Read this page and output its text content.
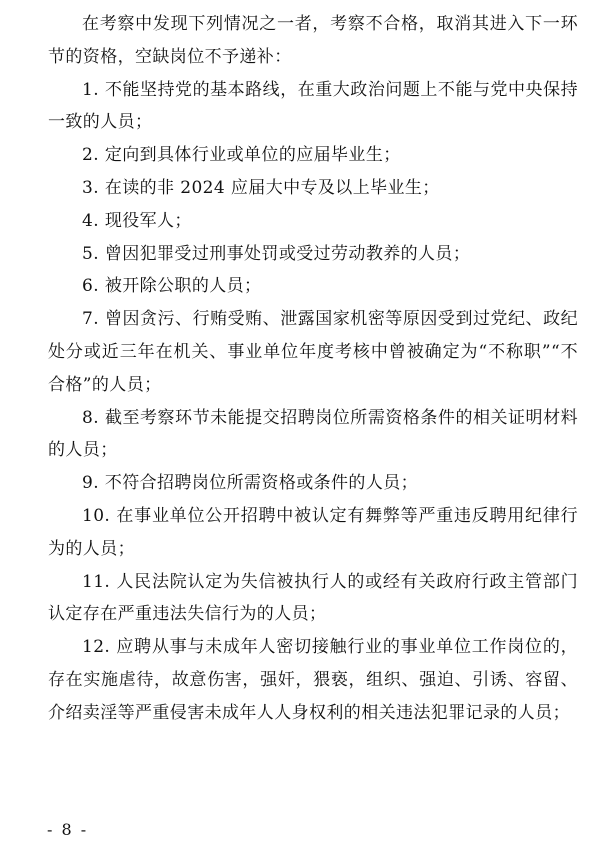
在考察中发现下列情况之一者，考察不合格，取消其进入下一环节的资格，空缺岗位不予递补：

1. 不能坚持党的基本路线，在重大政治问题上不能与党中央保持一致的人员；

2. 定向到具体行业或单位的应届毕业生；

3. 在读的非 2024 应届大中专及以上毕业生；

4. 现役军人；

5. 曾因犯罪受过刑事处罚或受过劳动教养的人员；

6. 被开除公职的人员；

7. 曾因贪污、行贿受贿、泄露国家机密等原因受到过党纪、政纪处分或近三年在机关、事业单位年度考核中曾被确定为“不称职”“不合格”的人员；

8. 截至考察环节未能提交招聘岗位所需资格条件的相关证明材料的人员；

9. 不符合招聘岗位所需资格或条件的人员；

10. 在事业单位公开招聘中被认定有舞弊等严重违反聘用纪律行为的人员；

11. 人民法院认定为失信被执行人的或经有关政府行政主管部门认定存在严重违法失信行为的人员；

12. 应聘从事与未成年人密切接触行业的事业单位工作岗位的，存在实施虐待，故意伤害，强奸，猥亵，组织、强迫、引诱、容留、介绍卖淫等严重侵害未成年人人身权利的相关违法犯罪记录的人员；

- 8 -
